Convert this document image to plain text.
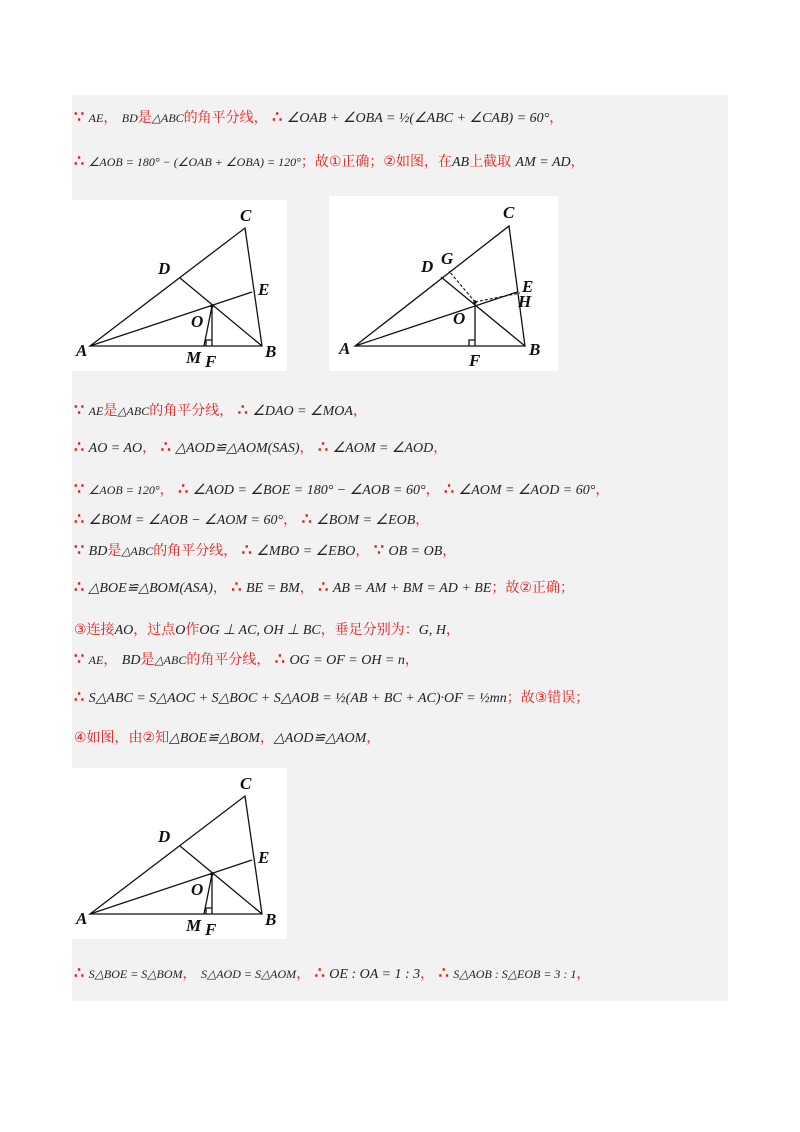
∵ AE， BD是△ABC的角平分线， ∴ ∠OAB + ∠OBA = ½(∠ABC + ∠CAB) = 60°，
∴ ∠AOB = 180° − (∠OAB + ∠OBA) = 120°；故①正确；②如图，在AB上截取 AM = AD，
A	B
C
D
E
O
M F
A	B
C
D G
E
H
O
F
∵ AE是△ABC的角平分线， ∴ ∠DAO = ∠MOA，
∴ AO = AO， ∴ △AOD≌△AOM(SAS)， ∴ ∠AOM = ∠AOD，
∵ ∠AOB = 120°， ∴ ∠AOD = ∠BOE = 180° − ∠AOB = 60°， ∴ ∠AOM = ∠AOD = 60°，
∴ ∠BOM = ∠AOB − ∠AOM = 60°， ∴ ∠BOM = ∠EOB，
∵ BD是△ABC的角平分线， ∴ ∠MBO = ∠EBO， ∵ OB = OB，
∴ △BOE≌△BOM(ASA)， ∴ BE = BM， ∴ AB = AM + BM = AD + BE；故②正确；
③连接AO，过点O作OG ⊥ AC, OH ⊥ BC，垂足分别为：G, H，
∵ AE， BD是△ABC的角平分线， ∴ OG = OF = OH = n，
∴ S△ABC = S△AOC + S△BOC + S△AOB = ½(AB + BC + AC)·OF = ½mn；故③错误；
④如图，由②知△BOE≌△BOM，△AOD≌△AOM，
A	B
C
D
E
O
M F
∴ S△BOE = S△BOM， S△AOD = S△AOM， ∴ OE : OA = 1 : 3， ∴ S△AOB : S△EOB = 3 : 1，
